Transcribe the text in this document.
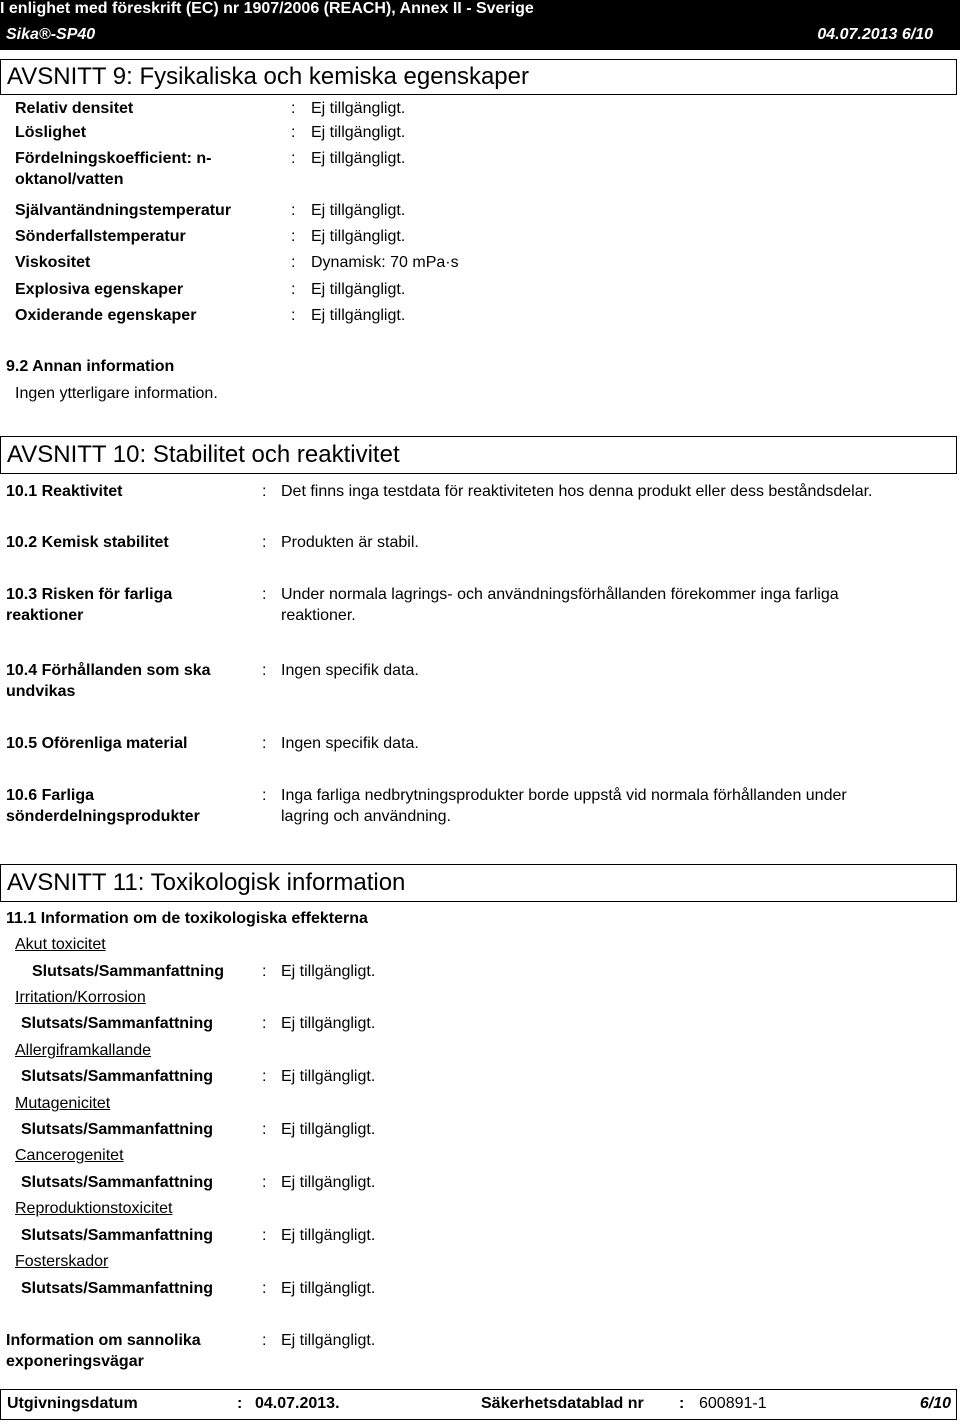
I enlighet med föreskrift (EC) nr 1907/2006 (REACH), Annex II - Sverige
Sika®-SP40	04.07.2013 6/10
AVSNITT 9: Fysikaliska och kemiska egenskaper
Relativ densitet	: Ej tillgängligt.
Löslighet	: Ej tillgängligt.
Fördelningskoefficient: n-
oktanol/vatten
: Ej tillgängligt.
Självantändningstemperatur	: Ej tillgängligt.
Sönderfallstemperatur	: Ej tillgängligt.
Viskositet	: Dynamisk: 70 mPa·s
Explosiva egenskaper	: Ej tillgängligt.
Oxiderande egenskaper	: Ej tillgängligt.
9.2 Annan information
Ingen ytterligare information.
AVSNITT 10: Stabilitet och reaktivitet
10.1 Reaktivitet	: Det finns inga testdata för reaktiviteten hos denna produkt eller dess beståndsdelar.
10.2 Kemisk stabilitet	: Produkten är stabil.
10.3 Risken för farliga
reaktioner
: Under normala lagrings- och användningsförhållanden förekommer inga farliga
reaktioner.
10.4 Förhållanden som ska
undvikas
: Ingen specifik data.
10.5 Oförenliga material	: Ingen specifik data.
10.6 Farliga
sönderdelningsprodukter
: Inga farliga nedbrytningsprodukter borde uppstå vid normala förhållanden under
lagring och användning.
AVSNITT 11: Toxikologisk information
11.1 Information om de toxikologiska effekterna
Akut toxicitet
Slutsats/Sammanfattning : Ej tillgängligt.
Irritation/Korrosion
Slutsats/Sammanfattning	: Ej tillgängligt.
Allergiframkallande
Slutsats/Sammanfattning	: Ej tillgängligt.
Mutagenicitet
Slutsats/Sammanfattning	: Ej tillgängligt.
Cancerogenitet
Slutsats/Sammanfattning	: Ej tillgängligt.
Reproduktionstoxicitet
Slutsats/Sammanfattning	: Ej tillgängligt.
Fosterskador
Slutsats/Sammanfattning	: Ej tillgängligt.
Information om sannolika
exponeringsvägar
: Ej tillgängligt.
Utgivningsdatum	: 04.07.2013.	Säkerhetsdatablad nr : 600891-1	6/10
